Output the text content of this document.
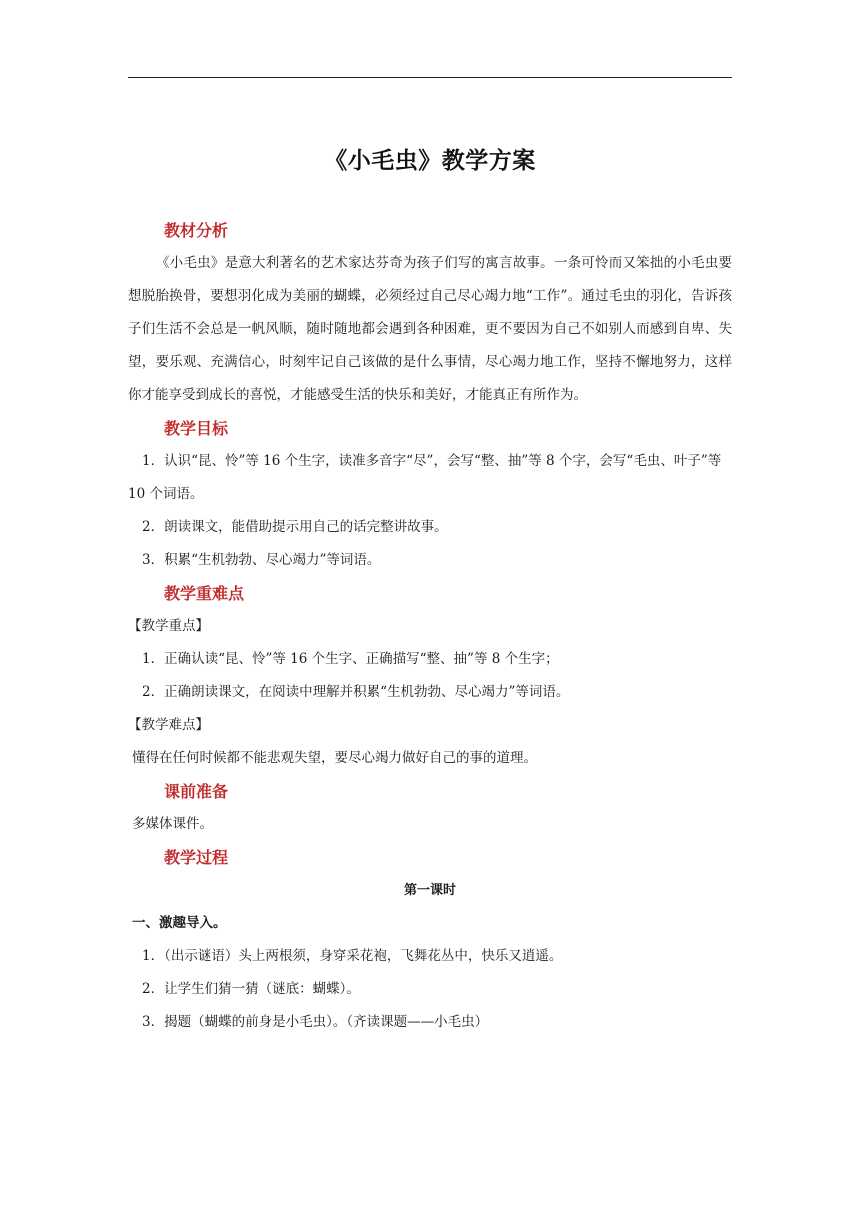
《小毛虫》教学方案
教材分析

《小毛虫》是意大利著名的艺术家达芬奇为孩子们写的寓言故事。一条可怜而又笨拙的小毛虫要想脱胎换骨，要想羽化成为美丽的蝴蝶，必须经过自己尽心竭力地“工作”。通过毛虫的羽化，告诉孩子们生活不会总是一帆风顺，随时随地都会遇到各种困难，更不要因为自己不如别人而感到自卑、失望，要乐观、充满信心，时刻牢记自己该做的是什么事情，尽心竭力地工作，坚持不懈地努力，这样你才能享受到成长的喜悦，才能感受生活的快乐和美好，才能真正有所作为。

教学目标

1．认识“昆、怜”等 16 个生字，读准多音字“尽”，会写“整、抽”等 8 个字，会写“毛虫、叶子”等 10 个词语。

2．朗读课文，能借助提示用自己的话完整讲故事。

3．积累“生机勃勃、尽心竭力”等词语。

教学重难点

【教学重点】

1．正确认读“昆、怜”等 16 个生字、正确描写“整、抽”等 8 个生字；

2．正确朗读课文，在阅读中理解并积累“生机勃勃、尽心竭力”等词语。

【教学难点】

懂得在任何时候都不能悲观失望，要尽心竭力做好自己的事的道理。

课前准备

多媒体课件。

教学过程
第一课时
一、激趣导入。

1．（出示谜语）头上两根须，身穿采花袍，飞舞花丛中，快乐又逍遥。

2．让学生们猜一猜（谜底：蝴蝶）。

3．揭题（蝴蝶的前身是小毛虫）。（齐读课题——小毛虫）
